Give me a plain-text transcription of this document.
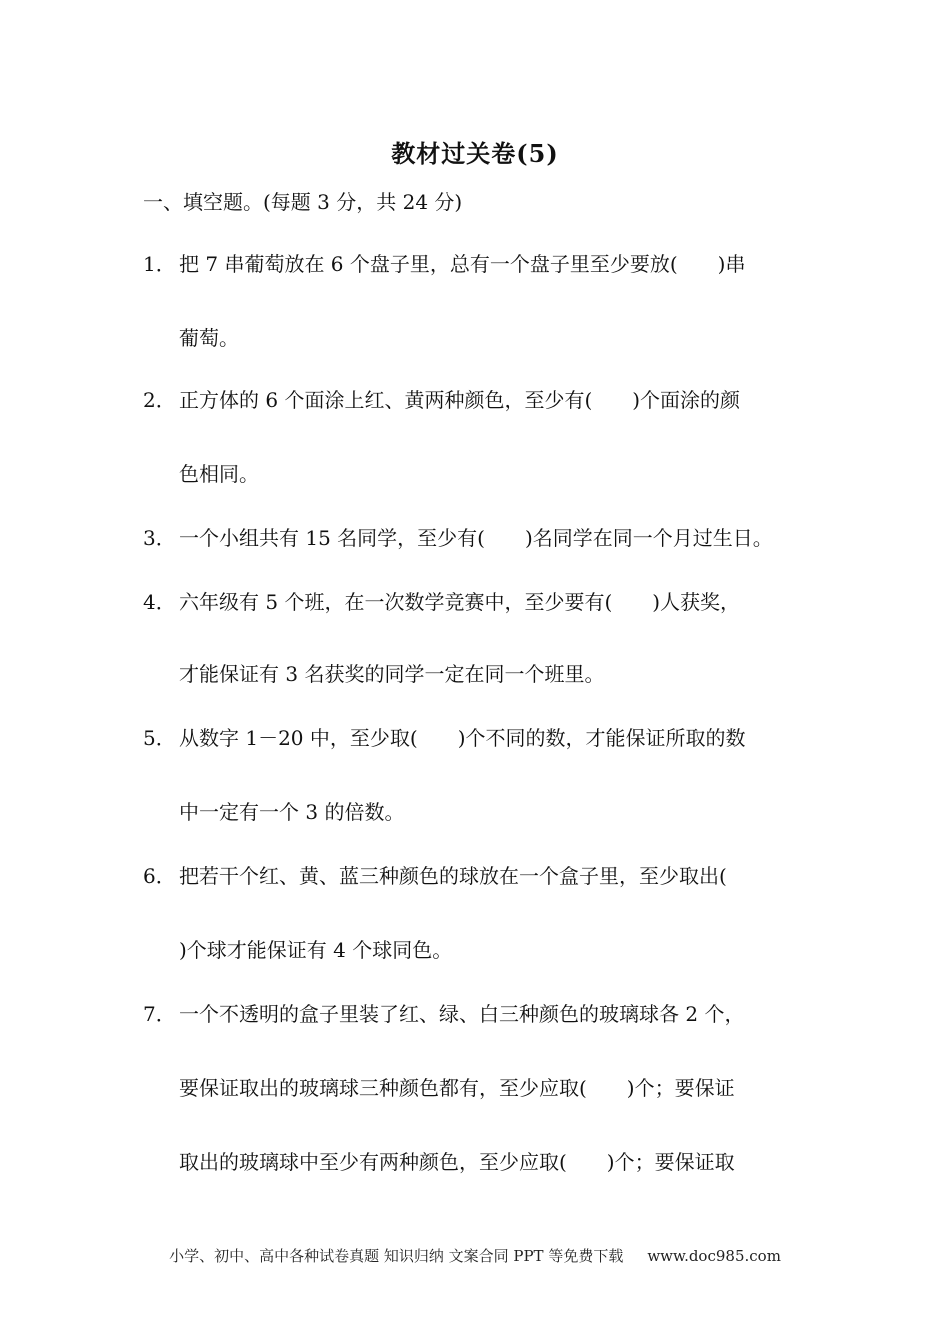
教材过关卷(5)
一、填空题。(每题 3 分，共 24 分)
1． 把 7 串葡萄放在 6 个盘子里，总有一个盘子里至少要放(　　)串
葡萄。
2． 正方体的 6 个面涂上红、黄两种颜色，至少有(　　)个面涂的颜
色相同。
3． 一个小组共有 15 名同学，至少有(　　)名同学在同一个月过生日。
4． 六年级有 5 个班，在一次数学竞赛中，至少要有(　　)人获奖，
才能保证有 3 名获奖的同学一定在同一个班里。
5． 从数字 1－20 中，至少取(　　)个不同的数，才能保证所取的数
中一定有一个 3 的倍数。
6． 把若干个红、黄、蓝三种颜色的球放在一个盒子里，至少取出(
)个球才能保证有 4 个球同色。
7． 一个不透明的盒子里装了红、绿、白三种颜色的玻璃球各 2 个，
要保证取出的玻璃球三种颜色都有，至少应取(　　)个；要保证
取出的玻璃球中至少有两种颜色，至少应取(　　)个；要保证取
小学、初中、高中各种试卷真题 知识归纳 文案合同 PPT 等免费下载 www.doc985.com
